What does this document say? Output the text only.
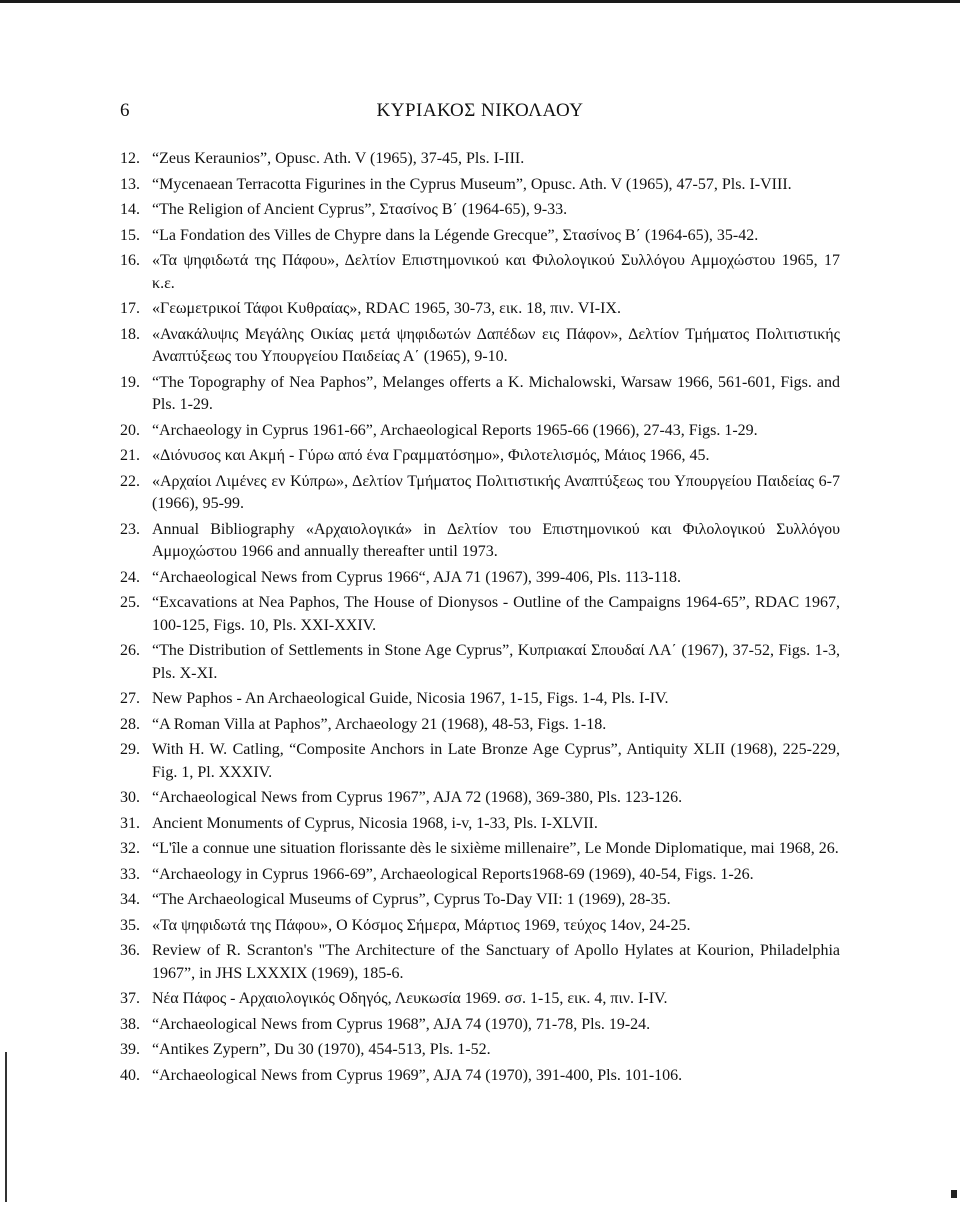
6	ΚΥΡΙΑΚΟΣ ΝΙΚΟΛΑΟΥ
12. “Zeus Keraunios”, Opusc. Ath. V (1965), 37-45, Pls. I-III.
13. “Mycenaean Terracotta Figurines in the Cyprus Museum”, Opusc. Ath. V (1965), 47-57, Pls. I-VIII.
14. “The Religion of Ancient Cyprus”, Στασίνος Β΄ (1964-65), 9-33.
15. “La Fondation des Villes de Chypre dans la Légende Grecque”, Στασίνος Β΄ (1964-65), 35-42.
16. «Τα ψηφιδωτά της Πάφου», Δελτίον Επιστημονικού και Φιλολογικού Συλλόγου Αμμοχώστου 1965, 17 κ.ε.
17. «Γεωμετρικοί Τάφοι Κυθραίας», RDAC 1965, 30-73, εικ. 18, πιν. VI-IX.
18. «Ανακάλυψις Μεγάλης Οικίας μετά ψηφιδωτών Δαπέδων εις Πάφον», Δελτίον Τμήματος Πολιτιστικής Αναπτύξεως του Υπουργείου Παιδείας Α΄ (1965), 9-10.
19. “The Topography of Nea Paphos”, Melanges offerts a K. Michalowski, Warsaw 1966, 561-601, Figs. and Pls. 1-29.
20. “Archaeology in Cyprus 1961-66”, Archaeological Reports 1965-66 (1966), 27-43, Figs. 1-29.
21. «Διόνυσος και Ακμή - Γύρω από ένα Γραμματόσημο», Φιλοτελισμός, Μάιος 1966, 45.
22. «Αρχαίοι Λιμένες εν Κύπρω», Δελτίον Τμήματος Πολιτιστικής Αναπτύξεως του Υπουργείου Παιδείας 6-7 (1966), 95-99.
23. Annual Bibliography «Αρχαιολογικά» in Δελτίον του Επιστημονικού και Φιλολογικού Συλλόγου Αμμοχώστου 1966 and annually thereafter until 1973.
24. “Archaeological News from Cyprus 1966“, AJA 71 (1967), 399-406, Pls. 113-118.
25. “Excavations at Nea Paphos, The House of Dionysos - Outline of the Campaigns 1964-65”, RDAC 1967, 100-125, Figs. 10, Pls. XXI-XXIV.
26. “The Distribution of Settlements in Stone Age Cyprus”, Κυπριακαί Σπουδαί ΛΑ΄ (1967), 37-52, Figs. 1-3, Pls. X-XI.
27. New Paphos - An Archaeological Guide, Nicosia 1967, 1-15, Figs. 1-4, Pls. I-IV.
28. “A Roman Villa at Paphos”, Archaeology 21 (1968), 48-53, Figs. 1-18.
29. With H. W. Catling, “Composite Anchors in Late Bronze Age Cyprus”, Antiquity XLII (1968), 225-229, Fig. 1, Pl. XXXIV.
30. “Archaeological News from Cyprus 1967”, AJA 72 (1968), 369-380, Pls. 123-126.
31. Ancient Monuments of Cyprus, Nicosia 1968, i-v, 1-33, Pls. I-XLVII.
32. “L'île a connue une situation florissante dès le sixième millenaire”, Le Monde Diplomatique, mai 1968, 26.
33. “Archaeology in Cyprus 1966-69”, Archaeological Reports1968-69 (1969), 40-54, Figs. 1-26.
34. “The Archaeological Museums of Cyprus”, Cyprus To-Day VII: 1 (1969), 28-35.
35. «Τα ψηφιδωτά της Πάφου», Ο Κόσμος Σήμερα, Μάρτιος 1969, τεύχος 14ον, 24-25.
36. Review of R. Scranton's "The Architecture of the Sanctuary of Apollo Hylates at Kourion, Philadelphia 1967”, in JHS LXXXIX (1969), 185-6.
37. Νέα Πάφος - Αρχαιολογικός Οδηγός, Λευκωσία 1969. σσ. 1-15, εικ. 4, πιν. I-IV.
38. “Archaeological News from Cyprus 1968”, AJA 74 (1970), 71-78, Pls. 19-24.
39. “Antikes Zypern”, Du 30 (1970), 454-513, Pls. 1-52.
40. “Archaeological News from Cyprus 1969”, AJA 74 (1970), 391-400, Pls. 101-106.
